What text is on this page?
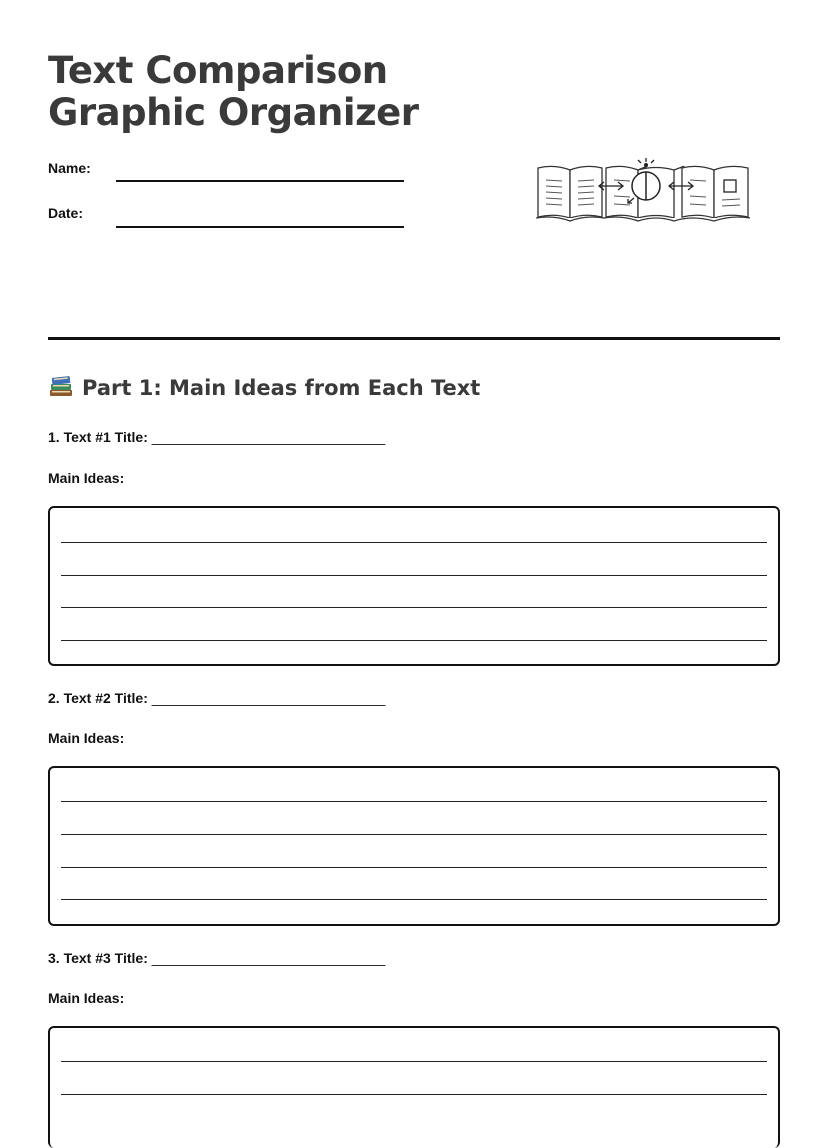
Text Comparison
Graphic Organizer
Name:
Date:
Part 1: Main Ideas from Each Text
1. Text #1 Title: ______________________________
Main Ideas:
2. Text #2 Title: ______________________________
Main Ideas:
3. Text #3 Title: ______________________________
Main Ideas:
